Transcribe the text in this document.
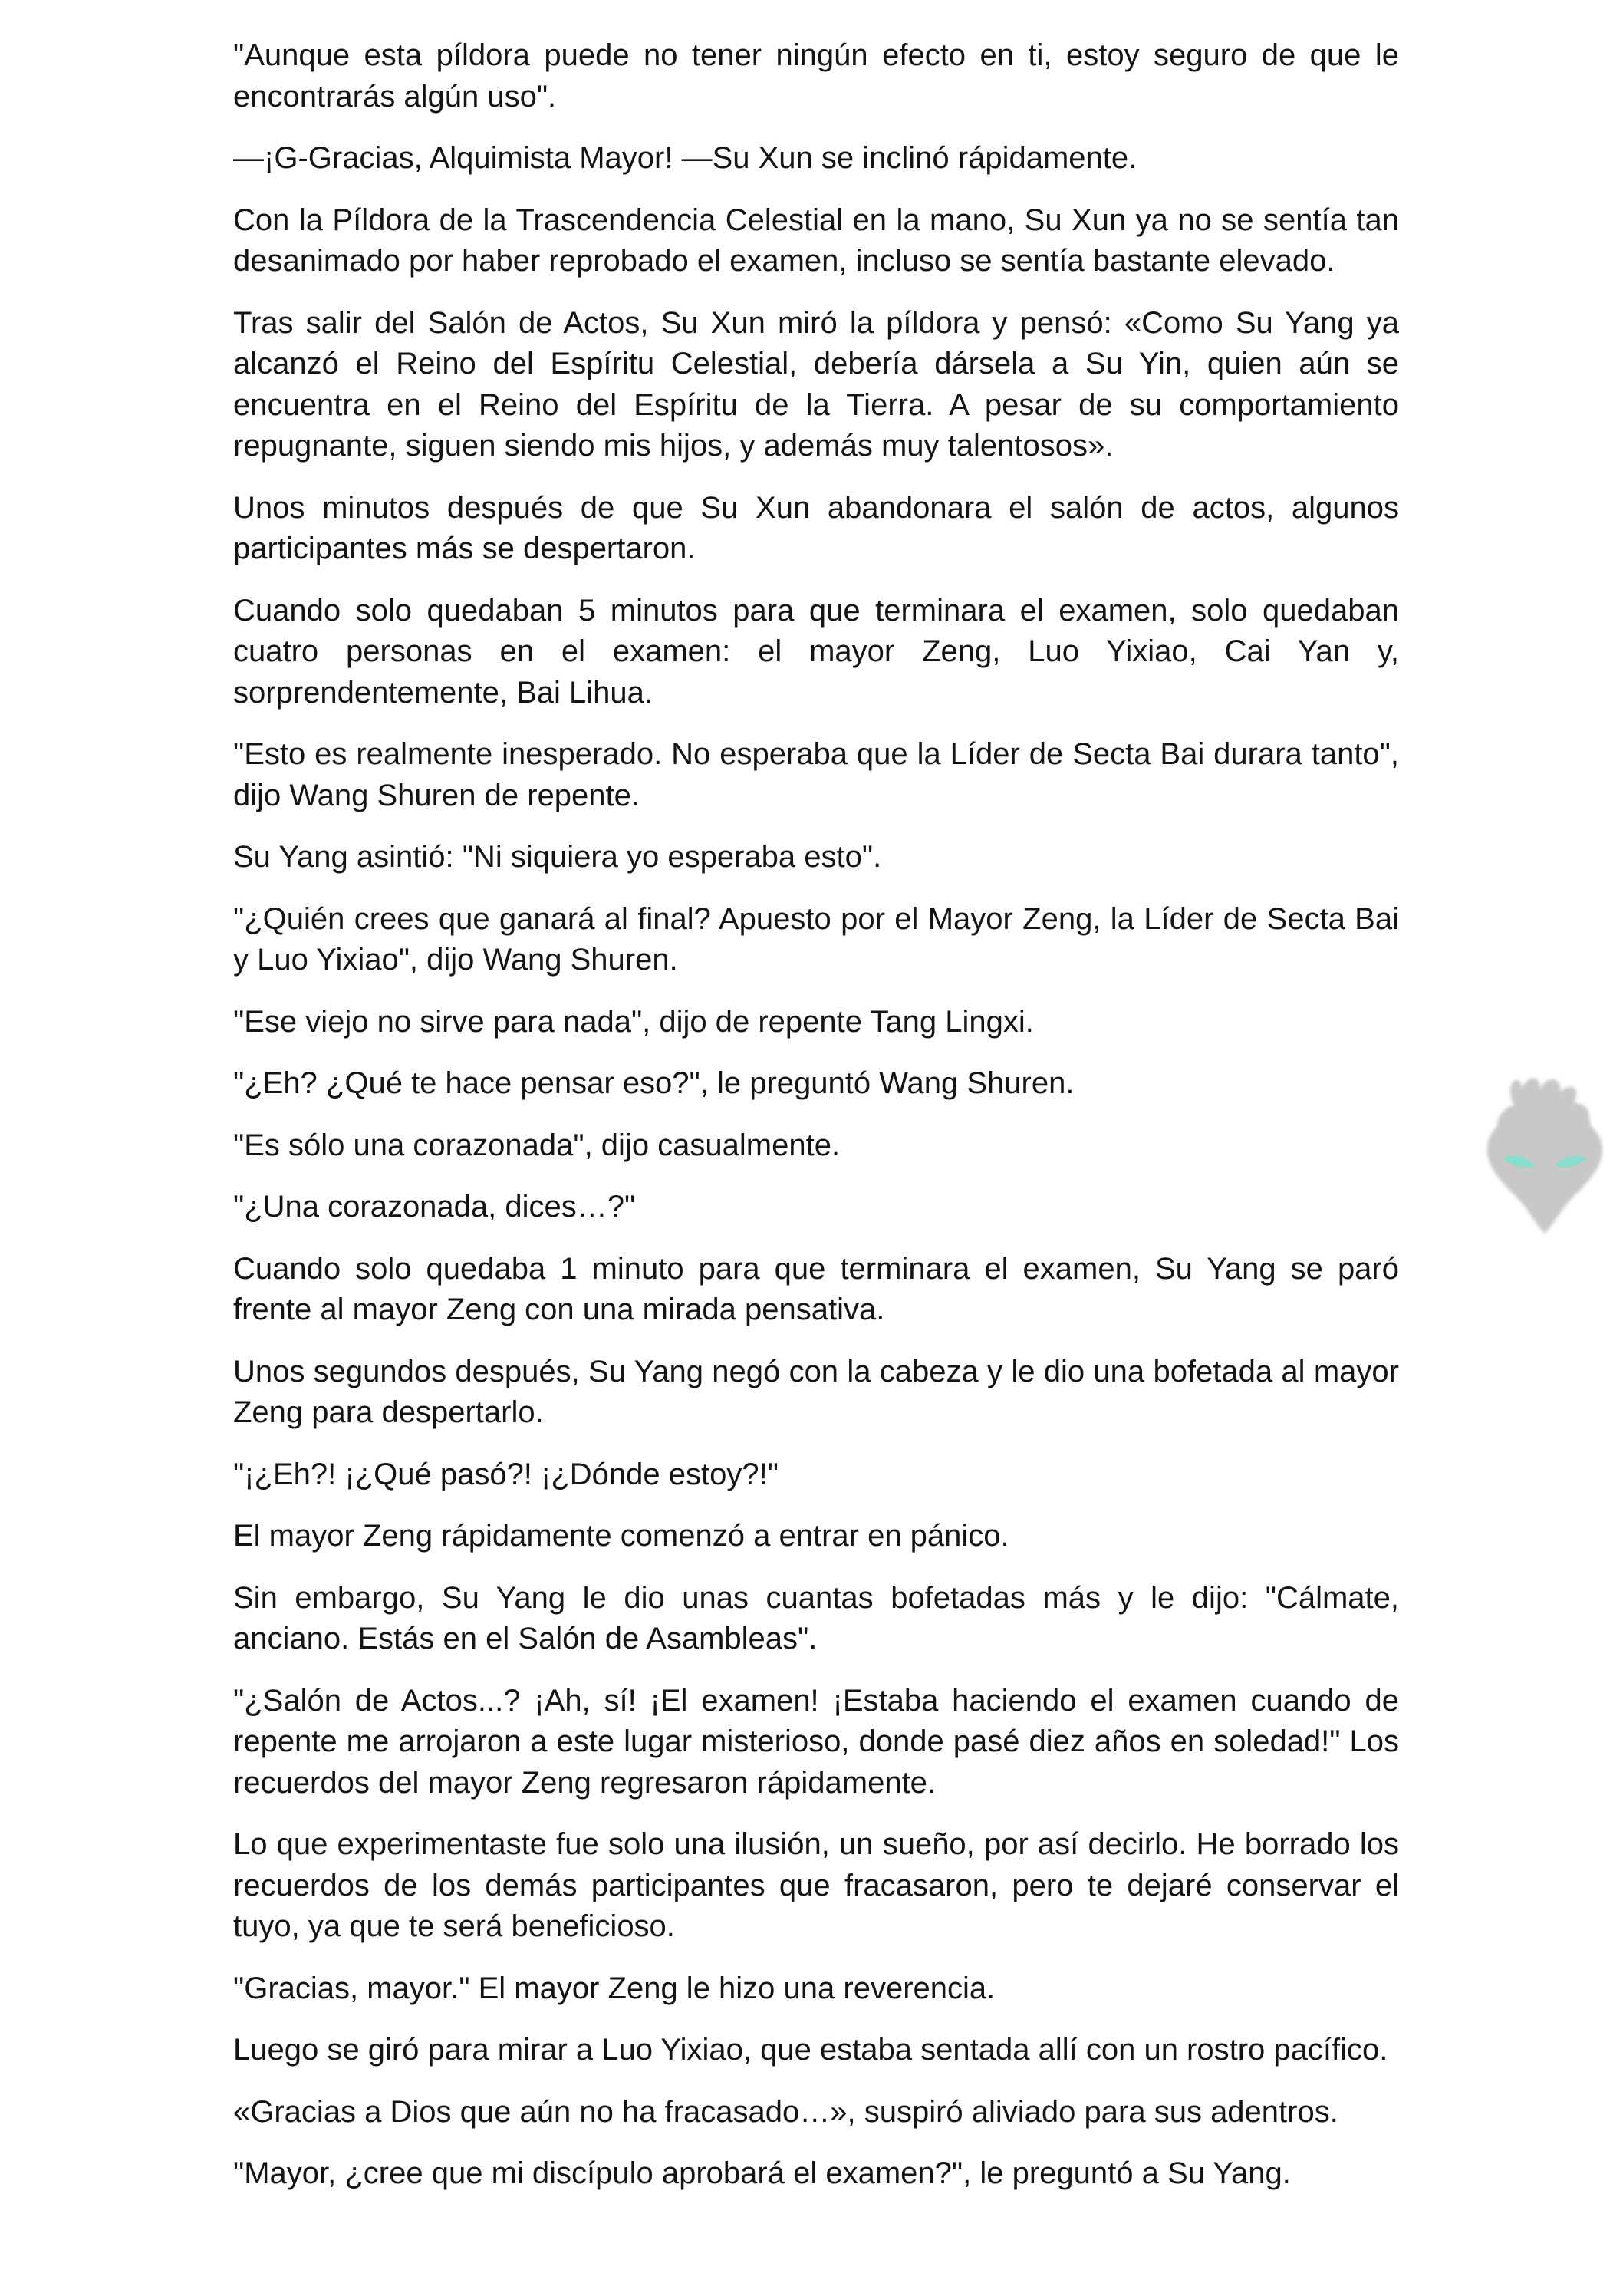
"Aunque esta píldora puede no tener ningún efecto en ti, estoy seguro de que le encontrarás algún uso".

—¡G-Gracias, Alquimista Mayor! —Su Xun se inclinó rápidamente.

Con la Píldora de la Trascendencia Celestial en la mano, Su Xun ya no se sentía tan desanimado por haber reprobado el examen, incluso se sentía bastante elevado.

Tras salir del Salón de Actos, Su Xun miró la píldora y pensó: «Como Su Yang ya alcanzó el Reino del Espíritu Celestial, debería dársela a Su Yin, quien aún se encuentra en el Reino del Espíritu de la Tierra. A pesar de su comportamiento repugnante, siguen siendo mis hijos, y además muy talentosos».

Unos minutos después de que Su Xun abandonara el salón de actos, algunos participantes más se despertaron.

Cuando solo quedaban 5 minutos para que terminara el examen, solo quedaban cuatro personas en el examen: el mayor Zeng, Luo Yixiao, Cai Yan y, sorprendentemente, Bai Lihua.

"Esto es realmente inesperado. No esperaba que la Líder de Secta Bai durara tanto", dijo Wang Shuren de repente.

Su Yang asintió: "Ni siquiera yo esperaba esto".

"¿Quién crees que ganará al final? Apuesto por el Mayor Zeng, la Líder de Secta Bai y Luo Yixiao", dijo Wang Shuren.

"Ese viejo no sirve para nada", dijo de repente Tang Lingxi.

"¿Eh? ¿Qué te hace pensar eso?", le preguntó Wang Shuren.

"Es sólo una corazonada", dijo casualmente.

"¿Una corazonada, dices…?"

Cuando solo quedaba 1 minuto para que terminara el examen, Su Yang se paró frente al mayor Zeng con una mirada pensativa.

Unos segundos después, Su Yang negó con la cabeza y le dio una bofetada al mayor Zeng para despertarlo.

"¡¿Eh?! ¡¿Qué pasó?! ¡¿Dónde estoy?!"

El mayor Zeng rápidamente comenzó a entrar en pánico.

Sin embargo, Su Yang le dio unas cuantas bofetadas más y le dijo: "Cálmate, anciano. Estás en el Salón de Asambleas".

"¿Salón de Actos...? ¡Ah, sí! ¡El examen! ¡Estaba haciendo el examen cuando de repente me arrojaron a este lugar misterioso, donde pasé diez años en soledad!" Los recuerdos del mayor Zeng regresaron rápidamente.

Lo que experimentaste fue solo una ilusión, un sueño, por así decirlo. He borrado los recuerdos de los demás participantes que fracasaron, pero te dejaré conservar el tuyo, ya que te será beneficioso.

"Gracias, mayor." El mayor Zeng le hizo una reverencia.

Luego se giró para mirar a Luo Yixiao, que estaba sentada allí con un rostro pacífico.

«Gracias a Dios que aún no ha fracasado…», suspiró aliviado para sus adentros.

"Mayor, ¿cree que mi discípulo aprobará el examen?", le preguntó a Su Yang.
